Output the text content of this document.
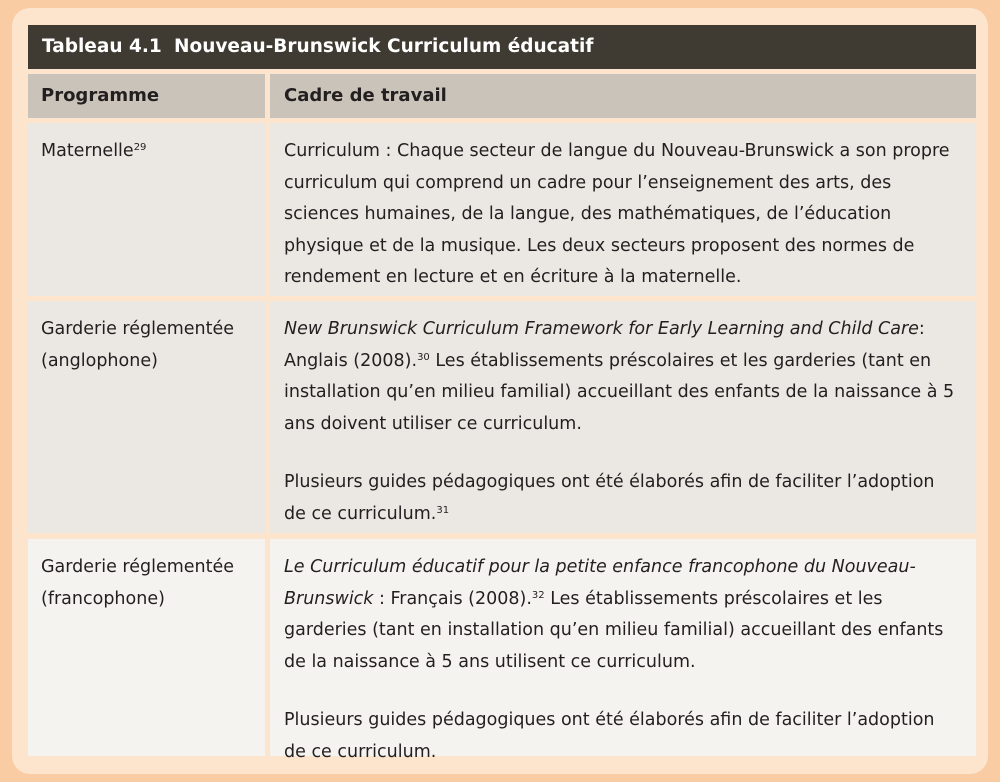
Tableau 4.1 Nouveau-Brunswick Curriculum éducatif
Programme	Cadre de travail
Maternelle$^{29}$	Curriculum : Chaque secteur de langue du Nouveau-Brunswick a son propre curriculum qui comprend un cadre pour l’enseignement des arts, des sciences humaines, de la langue, des mathématiques, de l’éducation physique et de la musique. Les deux secteurs proposent des normes de rendement en lecture et en écriture à la maternelle.

Garderie réglementée
(anglophone)

New Brunswick Curriculum Framework for Early Learning and Child Care: Anglais (2008).$^{30}$ Les établissements préscolaires et les garderies (tant en installation qu’en milieu familial) accueillant des enfants de la naissance à 5 ans doivent utiliser ce curriculum.

Plusieurs guides pédagogiques ont été élaborés afin de faciliter l’adoption de ce curriculum.$^{31}$

Garderie réglementée
(francophone)

Le Curriculum éducatif pour la petite enfance francophone du Nouveau-Brunswick : Français (2008).$^{32}$ Les établissements préscolaires et les garderies (tant en installation qu’en milieu familial) accueillant des enfants de la naissance à 5 ans utilisent ce curriculum.

Plusieurs guides pédagogiques ont été élaborés afin de faciliter l’adoption de ce curriculum.
